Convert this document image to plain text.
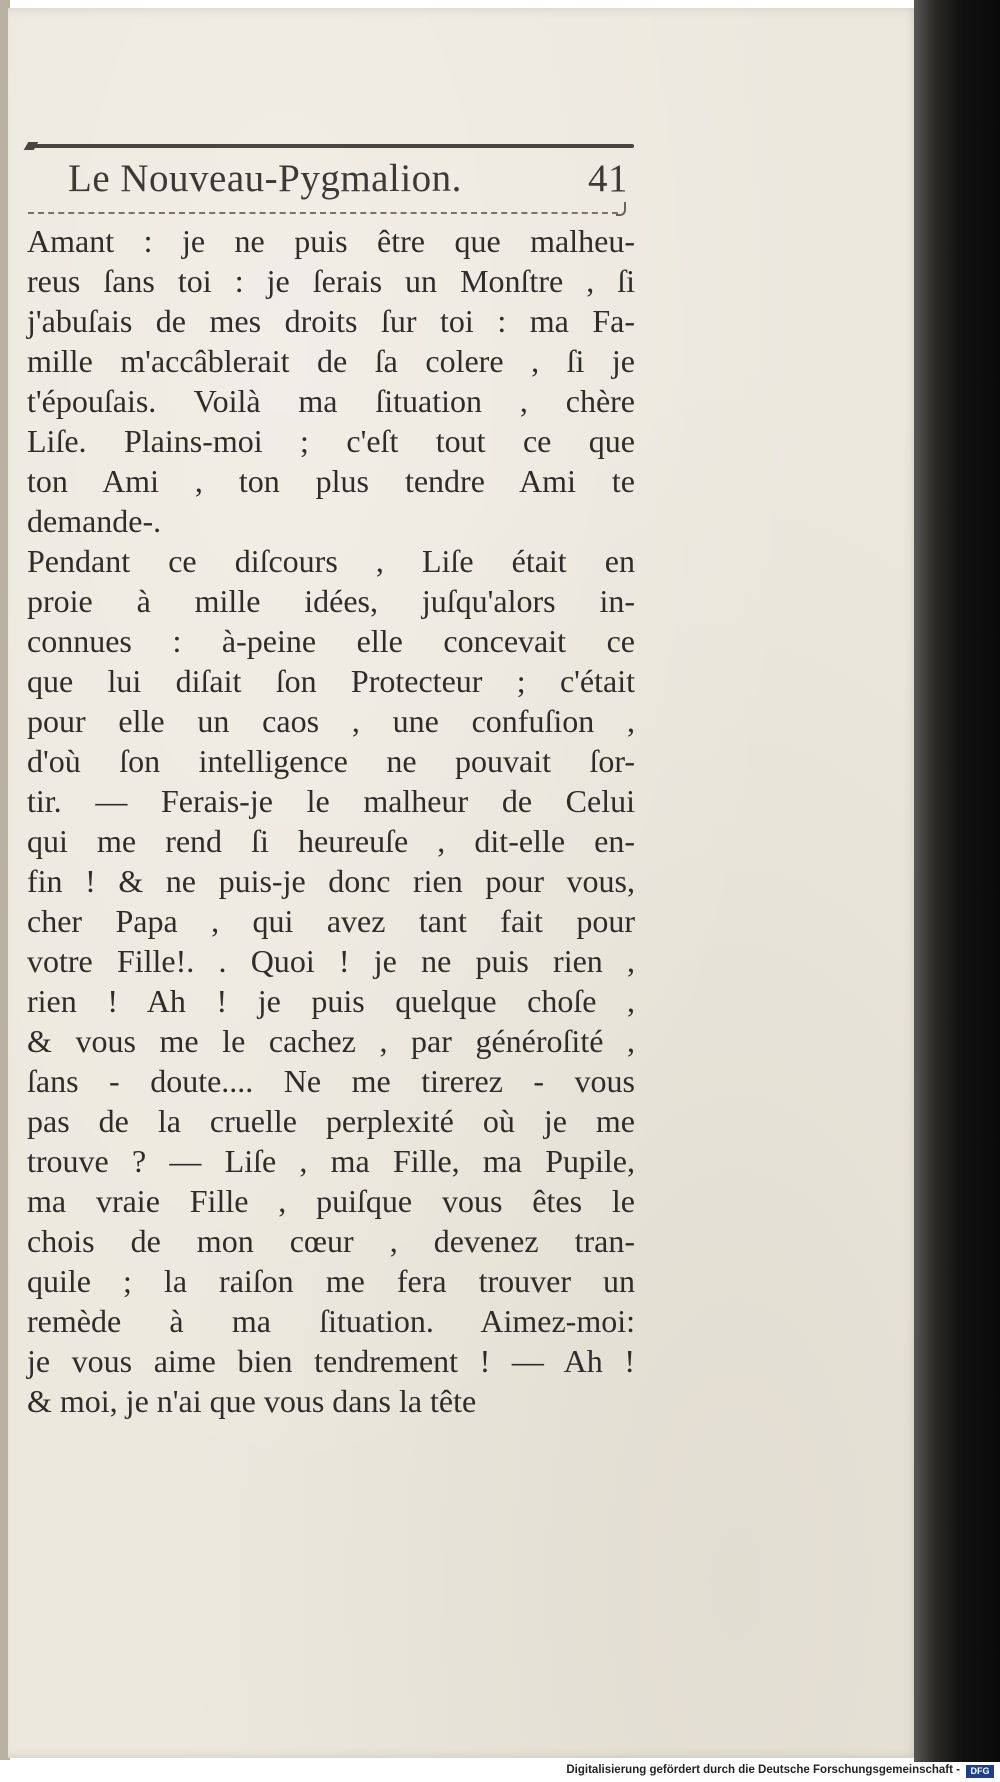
Le Nouveau-Pygmalion.	41
Amant : je ne puis être que malheu-
reus ſans toi : je ſerais un Monſtre , ſi
j'abuſais de mes droits ſur toi : ma Fa-
mille m'accâblerait de ſa colere , ſi je
t'épouſais. Voilà ma ſituation , chère
Liſe. Plains-moi ; c'eſt tout ce que
ton Ami , ton plus tendre Ami te
demande-.
Pendant ce diſcours , Liſe était en
proie à mille idées, juſqu'alors in-
connues : à-peine elle concevait ce
que lui diſait ſon Protecteur ; c'était
pour elle un caos , une confuſion ,
d'où ſon intelligence ne pouvait ſor-
tir. — Ferais-je le malheur de Celui
qui me rend ſi heureuſe , dit-elle en-
fin ! & ne puis-je donc rien pour vous,
cher Papa , qui avez tant fait pour
votre Fille!. . Quoi ! je ne puis rien ,
rien ! Ah ! je puis quelque choſe ,
& vous me le cachez , par généroſité ,
ſans - doute.... Ne me tirerez - vous
pas de la cruelle perplexité où je me
trouve ? — Liſe , ma Fille, ma Pupile,
ma vraie Fille , puiſque vous êtes le
chois de mon cœur , devenez tran-
quile ; la raiſon me fera trouver un
remède à ma ſituation. Aimez-moi:
je vous aime bien tendrement ! — Ah !
& moi, je n'ai que vous dans la tête
Digitalisierung gefördert durch die Deutsche Forschungsgemeinschaft -	DFG
